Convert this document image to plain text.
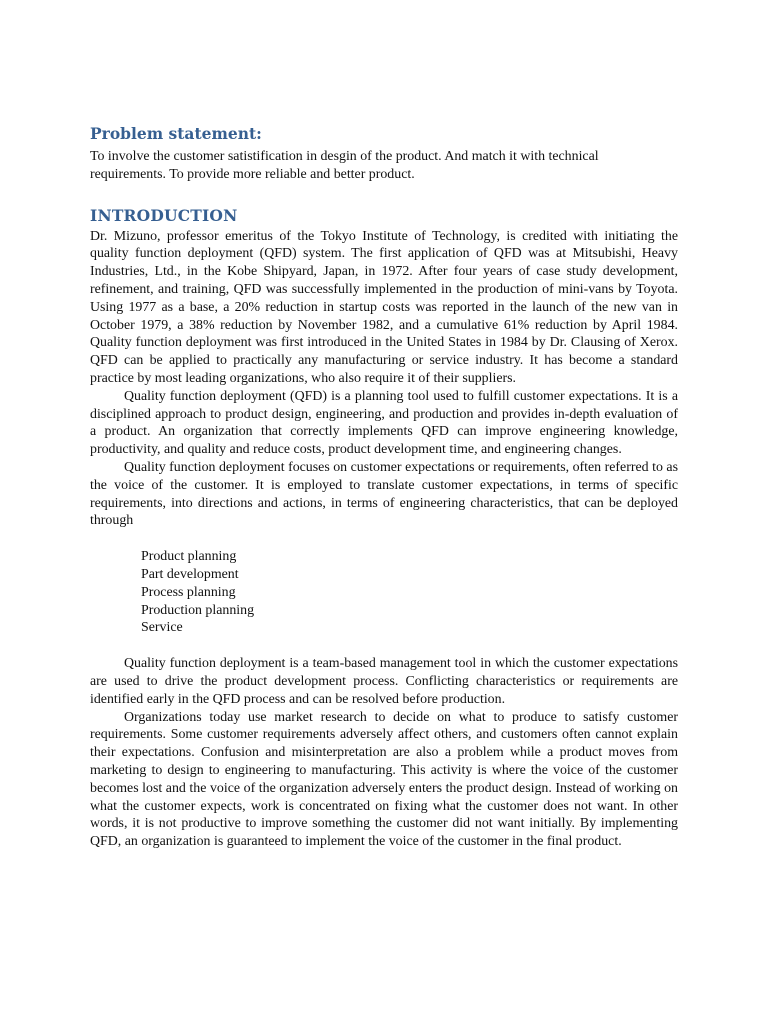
Problem statement:

To involve the customer satistification in desgin of the product. And match it with technical requirements. To provide more reliable and better product.

INTRODUCTION

Dr. Mizuno, professor emeritus of the Tokyo Institute of Technology, is credited with initiating the quality function deployment (QFD) system. The first application of QFD was at Mitsubishi, Heavy Industries, Ltd., in the Kobe Shipyard, Japan, in 1972. After four years of case study development, refinement, and training, QFD was successfully implemented in the production of mini-vans by Toyota. Using 1977 as a base, a 20% reduction in startup costs was reported in the launch of the new van in October 1979, a 38% reduction by November 1982, and a cumulative 61% reduction by April 1984. Quality function deployment was first introduced in the United States in 1984 by Dr. Clausing of Xerox. QFD can be applied to practically any manufacturing or service industry. It has become a standard practice by most leading organizations, who also require it of their suppliers.

Quality function deployment (QFD) is a planning tool used to fulfill customer expectations. It is a disciplined approach to product design, engineering, and production and provides in-depth evaluation of a product. An organization that correctly implements QFD can improve engineering knowledge, productivity, and quality and reduce costs, product development time, and engineering changes.

Quality function deployment focuses on customer expectations or requirements, often referred to as the voice of the customer. It is employed to translate customer expectations, in terms of specific requirements, into directions and actions, in terms of engineering characteristics, that can be deployed through

Product planning
Part development
Process planning
Production planning
Service

Quality function deployment is a team-based management tool in which the customer expectations are used to drive the product development process. Conflicting characteristics or requirements are identified early in the QFD process and can be resolved before production.

Organizations today use market research to decide on what to produce to satisfy customer requirements. Some customer requirements adversely affect others, and customers often cannot explain their expectations. Confusion and misinterpretation are also a problem while a product moves from marketing to design to engineering to manufacturing. This activity is where the voice of the customer becomes lost and the voice of the organization adversely enters the product design. Instead of working on what the customer expects, work is concentrated on fixing what the customer does not want. In other words, it is not productive to improve something the customer did not want initially. By implementing QFD, an organization is guaranteed to implement the voice of the customer in the final product.
